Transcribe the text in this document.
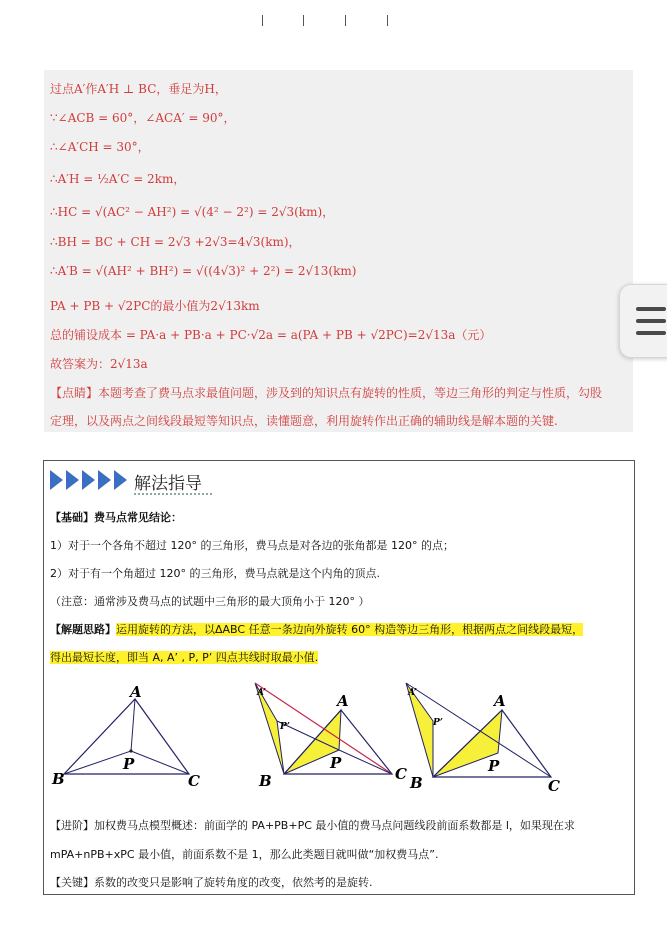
过点A′作A′H ⊥ BC，垂足为H，
∵∠ACB = 60°，∠ACA′ = 90°，
∴∠A′CH = 30°，
∴A′H = ½A′C = 2km，
∴HC = √(AC² − AH²) = √(4² − 2²) = 2√3(km)，
∴BH = BC + CH = 2√3 +2√3=4√3(km)，
∴A′B = √(AH² + BH²) = √((4√3)² + 2²) = 2√13(km)
PA + PB + √2PC的最小值为2√13km
总的铺设成本 = PA·a + PB·a + PC·√2a = a(PA + PB + √2PC)=2√13a（元）
故答案为：2√13a
【点睛】本题考查了费马点求最值问题，涉及到的知识点有旋转的性质，等边三角形的判定与性质，勾股
定理，以及两点之间线段最短等知识点，读懂题意，利用旋转作出正确的辅助线是解本题的关键.
解法指导
【基础】费马点常见结论：
1）对于一个各角不超过 120° 的三角形，费马点是对各边的张角都是 120° 的点；
2）对于有一个角超过 120° 的三角形，费马点就是这个内角的顶点.
（注意：通常涉及费马点的试题中三角形的最大顶角小于 120° ）
【解题思路】运用旋转的方法，以ΔABC 任意一条边向外旋转 60° 构造等边三角形，根据两点之间线段最短，
得出最短长度，即当 A, A’ , P, P’ 四点共线时取最小值.
A
B	C
P
A
A’
P’
P
B	C
A
A’
P’
P
B	C
【进阶】加权费马点模型概述：前面学的 PA+PB+PC 最小值的费马点问题线段前面系数都是 l，如果现在求
mPA+nPB+xPC 最小值，前面系数不是 1，那么此类题目就叫做“加权费马点”.
【关键】系数的改变只是影响了旋转角度的改变，依然考的是旋转.
